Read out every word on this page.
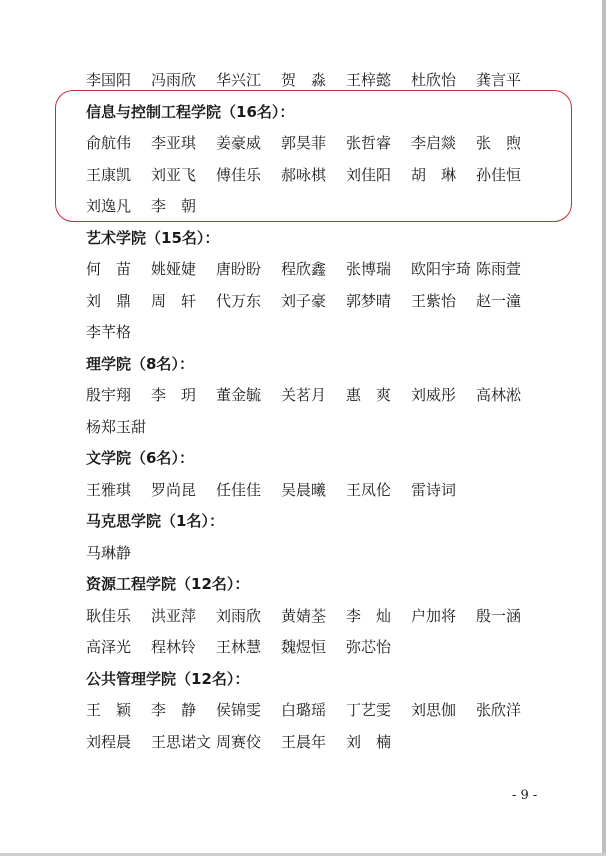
李国阳 冯雨欣 华兴江 贺　淼 王梓懿 杜欣怡 龚言平
信息与控制工程学院（16名）：
俞航伟 李亚琪 姜豪威 郭昊菲 张哲睿 李启燚 张　煦
王康凯 刘亚飞 傅佳乐 郝咏棋 刘佳阳 胡　琳 孙佳恒
刘逸凡 李　朝
艺术学院（15名）：
何　苗 姚娅婕 唐盼盼 程欣鑫 张博瑞 欧阳宇琦 陈雨萱
刘　鼎 周　轩 代万东 刘子豪 郭梦晴 王紫怡 赵一潼
李芊格
理学院（8名）：
殷宇翔 李　玥 董金毓 关茗月 惠　爽 刘威彤 高林淞
杨郑玉甜
文学院（6名）：
王雅琪 罗尚昆 任佳佳 吴晨曦 王凤伦 雷诗词
马克思学院（1名）：
马琳静
资源工程学院（12名）：
耿佳乐 洪亚萍 刘雨欣 黄婧荃 李　灿 户加将 殷一涵
高泽光 程林铃 王林慧 魏煜恒 弥芯怡
公共管理学院（12名）：
王　颖 李　静 侯锦雯 白璐瑶 丁艺雯 刘思伽 张欣洋
刘程晨 王思诺文 周赛佼 王晨年 刘　楠
- 9 -
